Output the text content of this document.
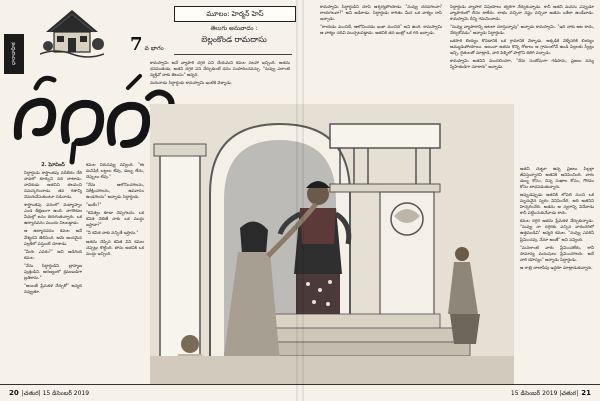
ధారావాహిక	7 వ భాగం
మూలం: హెర్మన్ హెస్
తెలుగు అనువాదం :
బెల్లంకొండ రామదాసు
2. ఘోవింద్

సిద్ధార్థుడు శాస్త్రాంతపు నదీతీరం చేరి నావలో కూర్చుని నది దాటాడు. నావికుడు అతనిని తలవంచి నమస్కరించాడు. తన గతాన్ని నెమరువేసుకుంటూ నడిచాడు.

శాస్త్రాంతపు వనంలో మధ్యాహ్నం ఎండ తీక్షణంగా ఉంది. నాగరికుల వీధుల్లో జనం తిరుగుతున్నారు. ఒక ఉద్యానవనం ముందు నిలబడ్డాడు.

ఆ ఉద్యానవనం కమల అనే వేశ్యదని తెలిసింది. ఆమె అందమైన పల్లకీలో వస్తుంటే చూశాడు.

"మీరు ఎవరు?" అని అడిగింది కమల.

"నేను సిద్ధార్థుడిని. బ్రాహ్మణ పుత్రుడిని. అరణ్యంలో శ్రమణుడిగా బ్రతికాను."

"అయితే ప్రేమకళ నేర్చుకో" అన్నది నవ్వుతూ.

కమల చిరునవ్వు నవ్వింది. "ఈ మనిషికి బట్టలు లేవు, డబ్బు లేదు, చెప్పులు లేవు."

"నేను ఆలోచించగలను, నిరీక్షించగలను, ఉపవాసం ఉండగలను" అన్నాడు సిద్ధార్థుడు.

"ఇంకేం?"

"కవిత్వం కూడా చెప్పగలను. ఒక కవిత చెబితే నాకు ఒక ముద్దు ఇస్తావా?"

"నీ కవిత నాకు నచ్చితే ఇస్తాను."

అతను చెప్పిన కవిత విని కమల చప్పట్లు కొట్టింది. తాను అతనికి ఒక ముద్దు ఇచ్చింది.

కామస్వామి అనే వ్యాపారి దగ్గర పని చేయమని కమల సలహా ఇచ్చింది. అతను ధనవంతుడు, అతని దగ్గర పని నేర్చుకుంటే ధనం సంపాదించవచ్చు. "నువ్వు ఎలాంటి వ్యక్తివో నాకు తెలుసు" అన్నది.

మరునాడు సిద్ధార్థుడు కామస్వామి ఇంటికి వెళ్ళాడు.

20 |చతుర| 15 డిసెంబర్ 2019

కామస్వామి సిద్ధార్థుడిని చూసి ఆశ్చర్యపోయాడు. "నువ్వు చదవగలవా? రాయగలవా?" అని అడిగాడు. సిద్ధార్థుడు కాగితం మీద ఒక వాక్యం రాసి ఇచ్చాడు.

"రాయడం మంచిదే, ఆలోచించడం ఇంకా మంచిది" అని ఉంది. కామస్వామి ఆ వాక్యం చదివి ముచ్చటపడ్డాడు. అతనికి తన ఇంట్లో ఒక గది ఇచ్చాడు.

సిద్ధార్థుడు వ్యాపార విషయాలు త్వరగా నేర్చుకున్నాడు. కానీ అతని మనసు ఎప్పుడూ వ్యాపారంలో లీనం కాలేదు. లాభం వచ్చినా నష్టం వచ్చినా అతను ఒకేలా ఉండేవాడు. కామస్వామి దీన్ని గమనించాడు.

"నువ్వు వ్యాపారాన్ని ఆటలా చూస్తున్నావు" అన్నాడు కామస్వామి. "ఇది నాకు ఆట కాదు, నేర్చుకోవడం" అన్నాడు సిద్ధార్థుడు.

ఒకసారి బియ్యం కొనడానికి ఒక గ్రామానికి వెళ్ళాడు. అక్కడికి వెళ్ళేసరికి బియ్యం అమ్ముడుపోయాయి. అయినా అతను కొన్ని రోజులు ఆ గ్రామంలోనే ఉండి పిల్లలకు స్వీట్లు ఇచ్చి, రైతులతో మాట్లాడి, వారి పెళ్ళిలో పాల్గొని తిరిగి వచ్చాడు.

కామస్వామి అతనిని మందలించగా, "నేను సంతోషంగా గడిపాను, ప్రజలు నన్ను స్నేహితుడిగా చూశారు" అన్నాడు.

అతని చుట్టూ ఉన్న ప్రజలు పిల్లల్లా జీవిస్తున్నారని అతనికి అనిపించింది. వారు డబ్బు కోసం, చిన్న సుఖాల కోసం, గౌరవం కోసం బాధపడుతున్నారు.

అప్పుడప్పుడు అతనికి లోపలి నుంచి ఒక మృదువైన స్వరం వినిపించేది. అది అతనిని హెచ్చరించేది. అతను ఆ స్వరాన్ని వినేవాడు కానీ పట్టించుకునేవాడు కాదు.

కమల దగ్గర అతను ప్రేమకళ నేర్చుకున్నాడు. "నువ్వు నా దగ్గరకు వచ్చిన వారందరిలో ఉత్తముడివి" అన్నది కమల. "నువ్వు ఎవరినీ ప్రేమించవు, నేనూ అంతే" అని నవ్వింది.

"మనలాంటి వారు ప్రేమించలేరు, కానీ సామాన్య మనుషులు ప్రేమించగలరు. అదే వారి రహస్యం" అన్నాడు సిద్ధార్థుడు.

ఆ రాత్రి చాలాసేపు ఇద్దరూ మాట్లాడుకున్నారు.

15 డిసెంబర్ 2019 |చతుర| 21
